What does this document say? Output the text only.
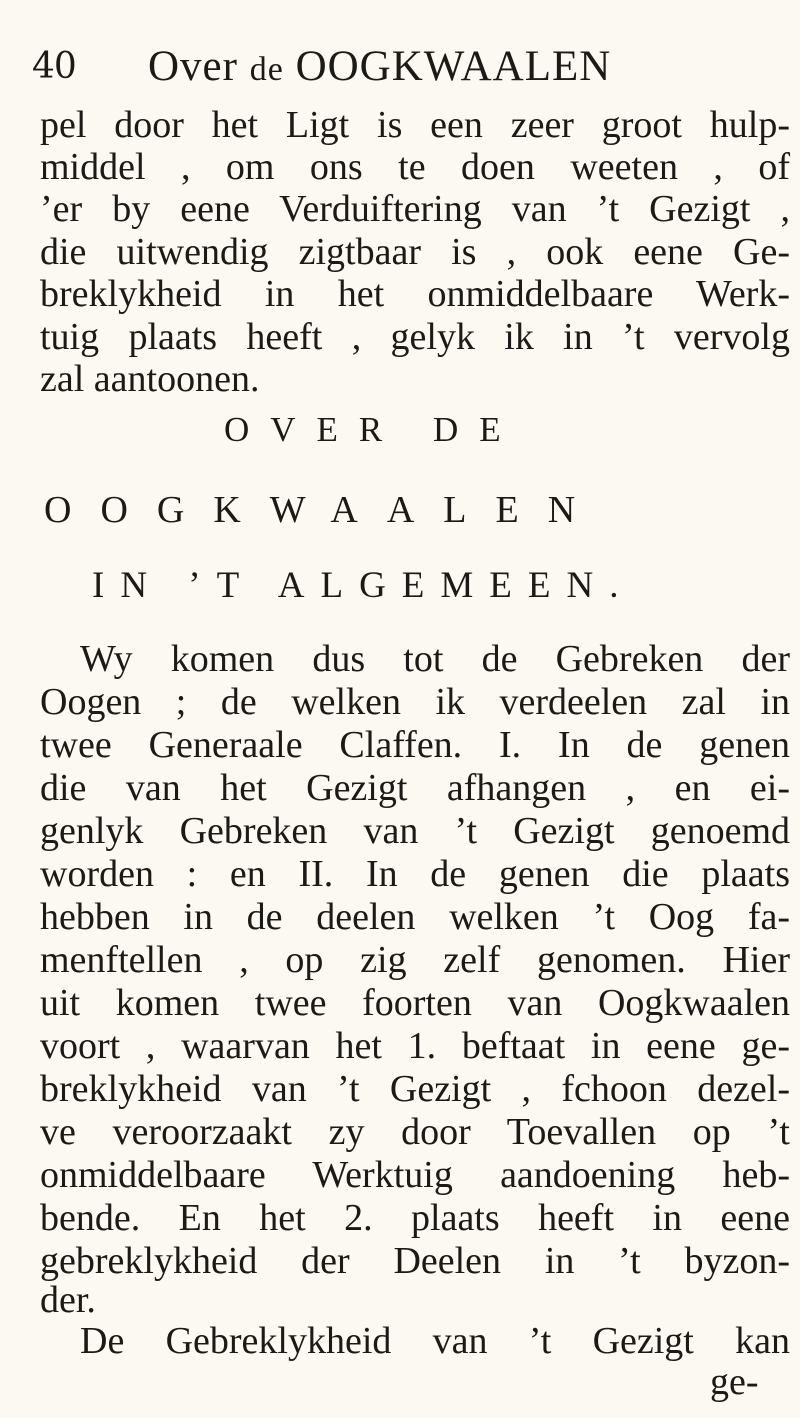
40 Over de OOGKWAALEN
pel door het Ligt is een zeer groot hulp-
middel , om ons te doen weeten , of
’er by eene Verduiftering van ’t Gezigt ,
die uitwendig zigtbaar is , ook eene Ge-
breklykheid in het onmiddelbaare Werk-
tuig plaats heeft , gelyk ik in ’t vervolg
zal aantoonen.
OVER DE
OOGKWAALEN
IN ’T ALGEMEEN.
Wy komen dus tot de Gebreken der
Oogen ; de welken ik verdeelen zal in
twee Generaale Claffen. I. In de genen
die van het Gezigt afhangen , en ei-
genlyk Gebreken van ’t Gezigt genoemd
worden : en II. In de genen die plaats
hebben in de deelen welken ’t Oog fa-
menftellen , op zig zelf genomen. Hier
uit komen twee foorten van Oogkwaalen
voort , waarvan het 1. beftaat in eene ge-
breklykheid van ’t Gezigt , fchoon dezel-
ve veroorzaakt zy door Toevallen op ’t
onmiddelbaare Werktuig aandoening heb-
bende. En het 2. plaats heeft in eene
gebreklykheid der Deelen in ’t byzon-
der.
De Gebreklykheid van ’t Gezigt kan
ge-
